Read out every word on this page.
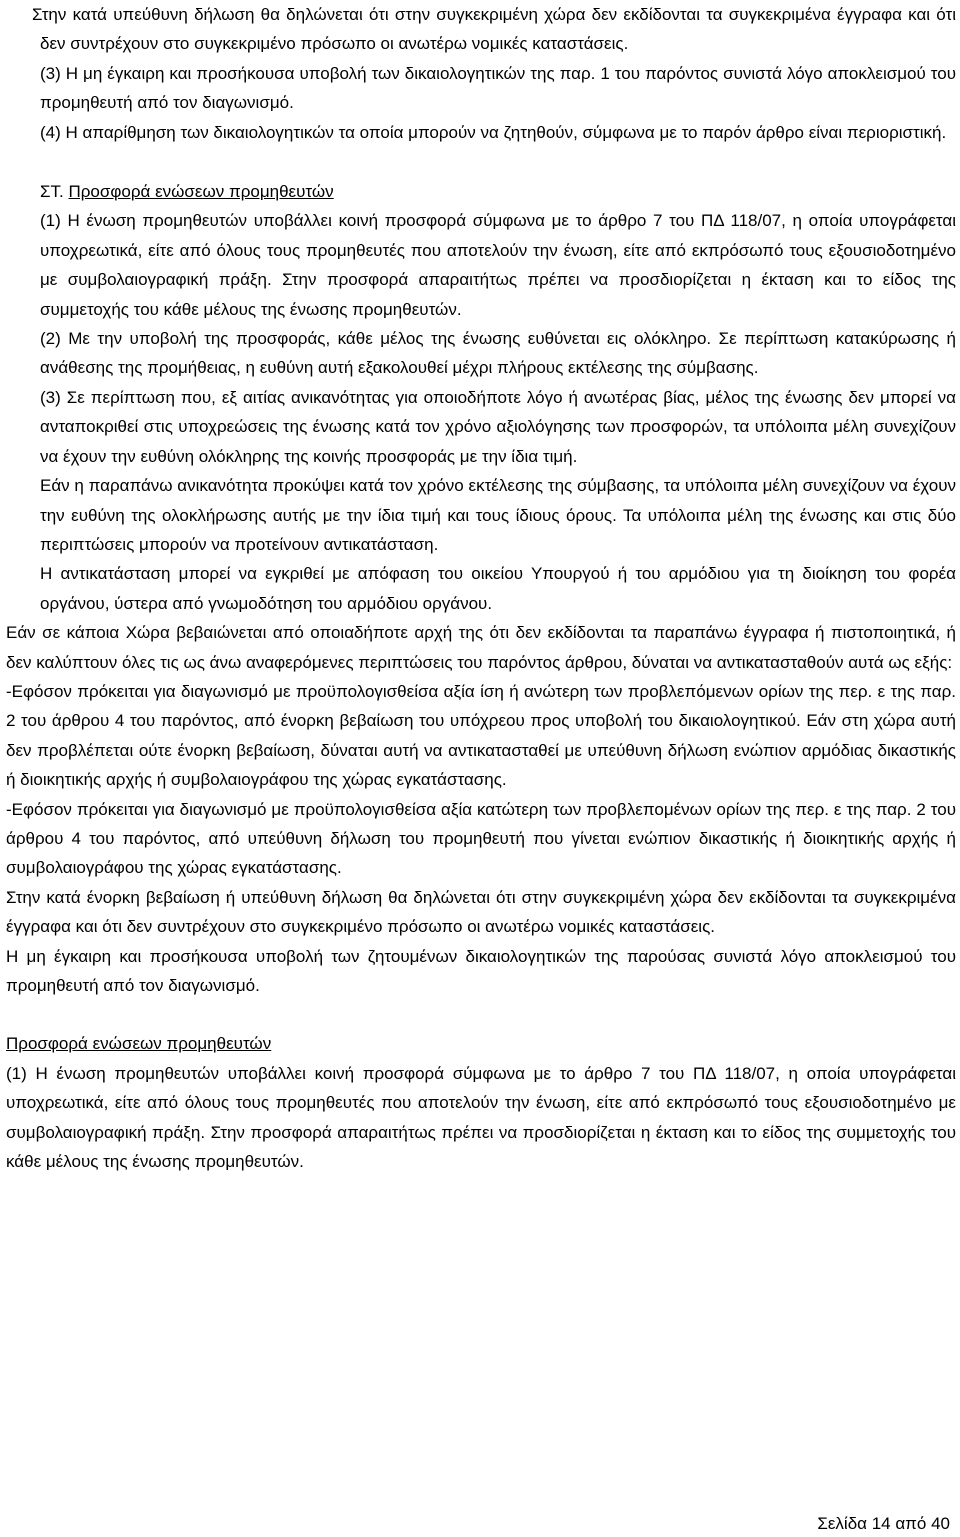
Στην κατά υπεύθυνη δήλωση θα δηλώνεται ότι στην συγκεκριμένη χώρα δεν εκδίδονται τα συγκεκριμένα έγγραφα και ότι δεν συντρέχουν στο συγκεκριμένο πρόσωπο οι ανωτέρω νομικές καταστάσεις.

(3) Η μη έγκαιρη και προσήκουσα υποβολή των δικαιολογητικών της παρ. 1 του παρόντος συνιστά λόγο αποκλεισμού του προμηθευτή από τον διαγωνισμό.

(4) Η απαρίθμηση των δικαιολογητικών τα οποία μπορούν να ζητηθούν, σύμφωνα με το παρόν άρθρο είναι περιοριστική.

ΣΤ. Προσφορά ενώσεων προμηθευτών

(1) Η ένωση προμηθευτών υποβάλλει κοινή προσφορά σύμφωνα με το άρθρο 7 του ΠΔ 118/07, η οποία υπογράφεται υποχρεωτικά, είτε από όλους τους προμηθευτές που αποτελούν την ένωση, είτε από εκπρόσωπό τους εξουσιοδοτημένο με συμβολαιογραφική πράξη. Στην προσφορά απαραιτήτως πρέπει να προσδιορίζεται η έκταση και το είδος της συμμετοχής του κάθε μέλους της ένωσης προμηθευτών.

(2) Με την υποβολή της προσφοράς, κάθε μέλος της ένωσης ευθύνεται εις ολόκληρο. Σε περίπτωση κατακύρωσης ή ανάθεσης της προμήθειας, η ευθύνη αυτή εξακολουθεί μέχρι πλήρους εκτέλεσης της σύμβασης.

(3) Σε περίπτωση που, εξ αιτίας ανικανότητας για οποιοδήποτε λόγο ή ανωτέρας βίας, μέλος της ένωσης δεν μπορεί να ανταποκριθεί στις υποχρεώσεις της ένωσης κατά τον χρόνο αξιολόγησης των προσφορών, τα υπόλοιπα μέλη συνεχίζουν να έχουν την ευθύνη ολόκληρης της κοινής προσφοράς με την ίδια τιμή.

Εάν η παραπάνω ανικανότητα προκύψει κατά τον χρόνο εκτέλεσης της σύμβασης, τα υπόλοιπα μέλη συνεχίζουν να έχουν την ευθύνη της ολοκλήρωσης αυτής με την ίδια τιμή και τους ίδιους όρους. Τα υπόλοιπα μέλη της ένωσης και στις δύο περιπτώσεις μπορούν να προτείνουν αντικατάσταση.

Η αντικατάσταση μπορεί να εγκριθεί με απόφαση του οικείου Υπουργού ή του αρμόδιου για τη διοίκηση του φορέα οργάνου, ύστερα από γνωμοδότηση του αρμόδιου οργάνου.

Εάν σε κάποια Χώρα βεβαιώνεται από οποιαδήποτε αρχή της ότι δεν εκδίδονται τα παραπάνω έγγραφα ή πιστοποιητικά, ή δεν καλύπτουν όλες τις ως άνω αναφερόμενες περιπτώσεις του παρόντος άρθρου, δύναται να αντικατασταθούν αυτά ως εξής:

-Εφόσον πρόκειται για διαγωνισμό με προϋπολογισθείσα αξία ίση ή ανώτερη των προβλεπόμενων ορίων της περ. ε της παρ. 2 του άρθρου 4 του παρόντος, από ένορκη βεβαίωση του υπόχρεου προς υποβολή του δικαιολογητικού. Εάν στη χώρα αυτή δεν προβλέπεται ούτε ένορκη βεβαίωση, δύναται αυτή να αντικατασταθεί με υπεύθυνη δήλωση ενώπιον αρμόδιας δικαστικής ή διοικητικής αρχής ή συμβολαιογράφου της χώρας εγκατάστασης.

-Εφόσον πρόκειται για διαγωνισμό με προϋπολογισθείσα αξία κατώτερη των προβλεπομένων ορίων της περ. ε της παρ. 2 του άρθρου 4 του παρόντος, από υπεύθυνη δήλωση του προμηθευτή που γίνεται ενώπιον δικαστικής ή διοικητικής αρχής ή συμβολαιογράφου της χώρας εγκατάστασης.

Στην κατά ένορκη βεβαίωση ή υπεύθυνη δήλωση θα δηλώνεται ότι στην συγκεκριμένη χώρα δεν εκδίδονται τα συγκεκριμένα έγγραφα και ότι δεν συντρέχουν στο συγκεκριμένο πρόσωπο οι ανωτέρω νομικές καταστάσεις.

Η μη έγκαιρη και προσήκουσα υποβολή των ζητουμένων δικαιολογητικών της παρούσας συνιστά λόγο αποκλεισμού του προμηθευτή από τον διαγωνισμό.

Προσφορά ενώσεων προμηθευτών

(1) Η ένωση προμηθευτών υποβάλλει κοινή προσφορά σύμφωνα με το άρθρο 7 του ΠΔ 118/07, η οποία υπογράφεται υποχρεωτικά, είτε από όλους τους προμηθευτές που αποτελούν την ένωση, είτε από εκπρόσωπό τους εξουσιοδοτημένο με συμβολαιογραφική πράξη. Στην προσφορά απαραιτήτως πρέπει να προσδιορίζεται η έκταση και το είδος της συμμετοχής του κάθε μέλους της ένωσης προμηθευτών.

Σελίδα 14 από 40
